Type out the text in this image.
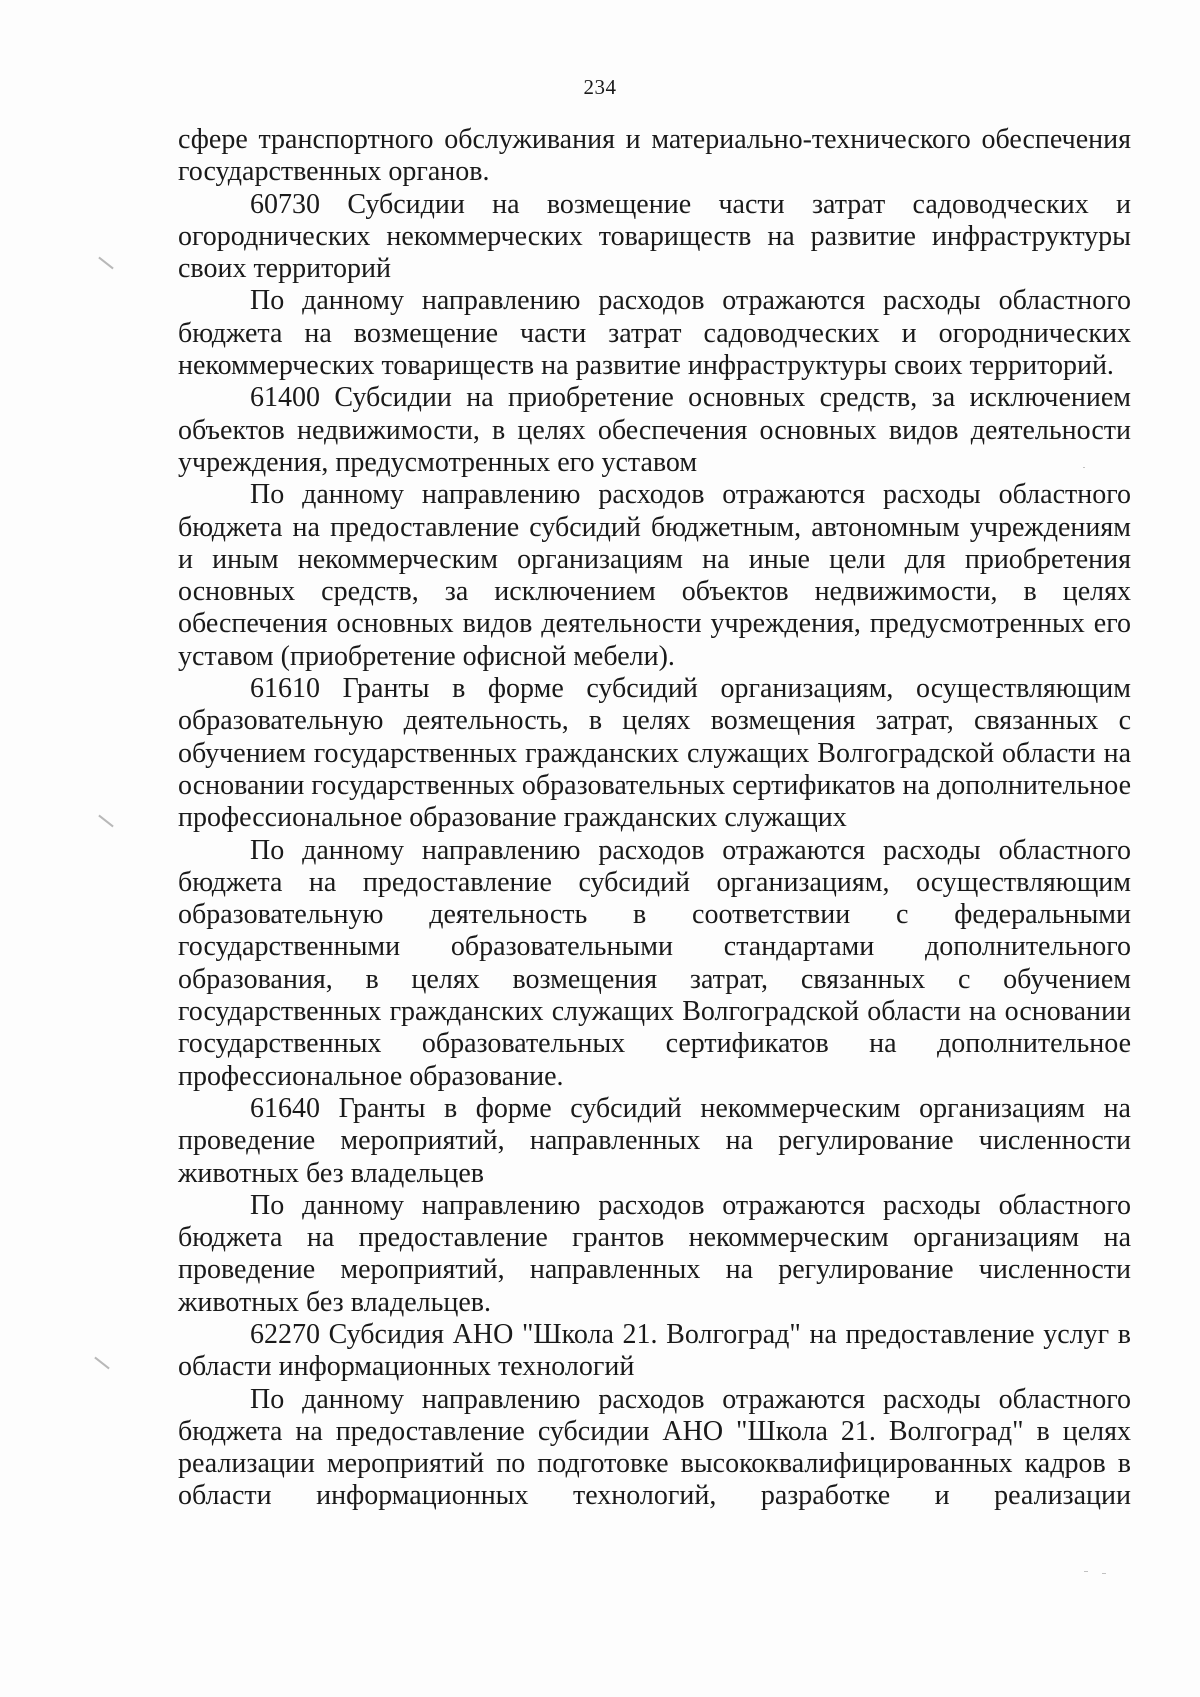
234

сфере транспортного обслуживания и материально-технического обеспечения государственных органов.

60730 Субсидии на возмещение части затрат садоводческих и огороднических некоммерческих товариществ на развитие инфраструктуры своих территорий

По данному направлению расходов отражаются расходы областного бюджета на возмещение части затрат садоводческих и огороднических некоммерческих товариществ на развитие инфраструктуры своих территорий.

61400 Субсидии на приобретение основных средств, за исключением объектов недвижимости, в целях обеспечения основных видов деятельности учреждения, предусмотренных его уставом

По данному направлению расходов отражаются расходы областного бюджета на предоставление субсидий бюджетным, автономным учреждениям и иным некоммерческим организациям на иные цели для приобретения основных средств, за исключением объектов недвижимости, в целях обеспечения основных видов деятельности учреждения, предусмотренных его уставом (приобретение офисной мебели).

61610 Гранты в форме субсидий организациям, осуществляющим образовательную деятельность, в целях возмещения затрат, связанных с обучением государственных гражданских служащих Волгоградской области на основании государственных образовательных сертификатов на дополнительное профессиональное образование гражданских служащих

По данному направлению расходов отражаются расходы областного бюджета на предоставление субсидий организациям, осуществляющим образовательную деятельность в соответствии с федеральными государственными образовательными стандартами дополнительного образования, в целях возмещения затрат, связанных с обучением государственных гражданских служащих Волгоградской области на основании государственных образовательных сертификатов на дополнительное профессиональное образование.

61640 Гранты в форме субсидий некоммерческим организациям на проведение мероприятий, направленных на регулирование численности животных без владельцев

По данному направлению расходов отражаются расходы областного бюджета на предоставление грантов некоммерческим организациям на проведение мероприятий, направленных на регулирование численности животных без владельцев.

62270 Субсидия АНО "Школа 21. Волгоград" на предоставление услуг в области информационных технологий

По данному направлению расходов отражаются расходы областного бюджета на предоставление субсидии АНО "Школа 21. Волгоград" в целях реализации мероприятий по подготовке высококвалифицированных кадров в области информационных технологий, разработке и реализации
